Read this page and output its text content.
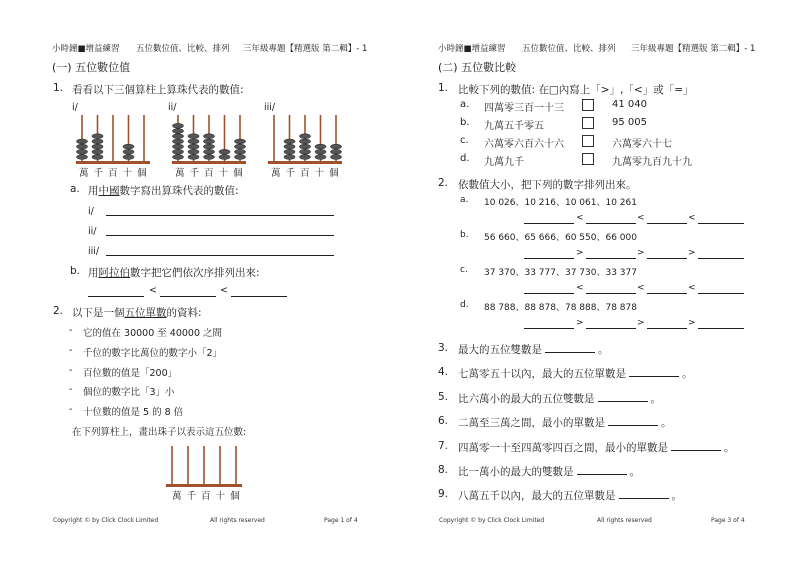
小時鐘■增益練習 五位數位值、比較、排列 三年級專題【精選版 第二輯】- 1
(一) 五位數位值
1. 看看以下三個算柱上算珠代表的數值:
i/	ii/	iii/
萬 千 百 十 個	萬 千 百 十 個	萬 千 百 十 個
a. 用中國數字寫出算珠代表的數值:
i/
ii/
iii/
b. 用阿拉伯數字把它們依次序排列出來:
<	<
2. 以下是一個五位單數的資料:
- 它的值在 30000 至 40000 之間
- 千位的數字比萬位的數字小「2」
- 百位數的值是「200」
- 個位的數字比「3」小
- 十位數的值是 5 的 8 倍
在下列算柱上，畫出珠子以表示這五位數:
萬 千 百 十 個
Copyright © by Click Clock Limited	All rights reserved	Page 1 of 4
小時鐘■增益練習 五位數位值、比較、排列 三年級專題【精選版 第二輯】- 1
(二) 五位數比較
1. 比較下列的數值: 在□內寫上「>」,「<」或「=」
a. 四萬零三百一十三	41 040
b. 九萬五千零五	95 005
c. 六萬零六百六十六	六萬零六十七
d. 九萬九千	九萬零九百九十九
2. 依數值大小，把下列的數字排列出來。
a. 10 026、10 216、10 061、10 261
<	<	<
b. 56 660、65 666、60 550、66 000
>	>	>
c. 37 370、33 777、37 730、33 377
<	<	<
d. 88 788、88 878、78 888、78 878
>	>	>
3. 最大的五位雙數是	。
4. 七萬零五十以內，最大的五位單數是	。
5. 比六萬小的最大的五位雙數是	。
6. 二萬至三萬之間，最小的單數是	。
7. 四萬零一十至四萬零四百之間，最小的單數是	。
8. 比一萬小的最大的雙數是	。
9. 八萬五千以內，最大的五位單數是	。
Copyright © by Click Clock Limited	All rights reserved	Page 3 of 4
